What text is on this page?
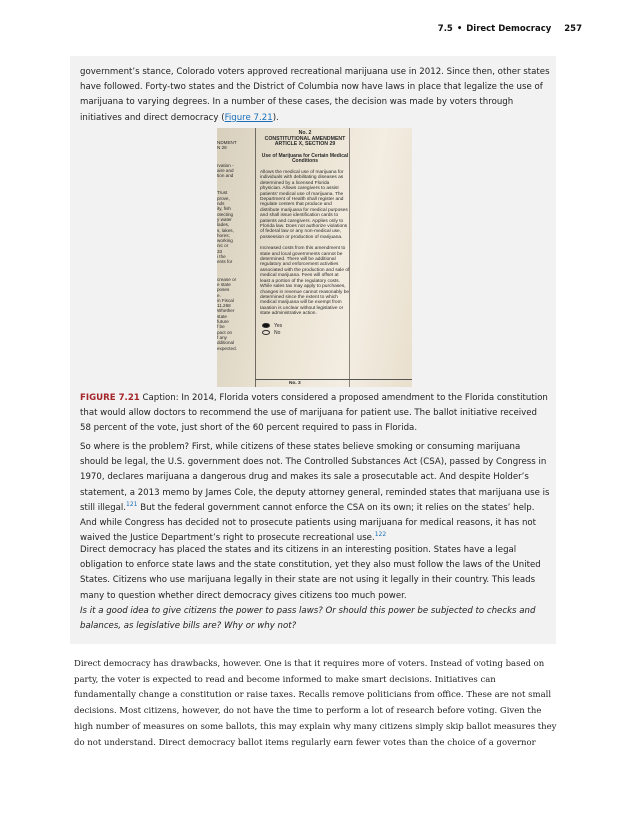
7.5 • Direct Democracy 257

government’s stance, Colorado voters approved recreational marijuana use in 2012. Since then, other states have followed. Forty-two states and the District of Columbia now have laws in place that legalize the use of marijuana to varying degrees. In a number of these cases, the decision was made by voters through initiatives and direct democracy (Figure 7.21).

NDMENT
N 28
rvation -
aire and
tion and
Trust
prove,
nds
ity, fish
otecting
y water
lades,
s, lakes,
hores;
working
nic or
33
i the
ents for
crease or
e state
poses
e.
in Fiscal
11.268
Whether
state
future
f be
pact on
f any
dditional
expected.
No. 2
CONSTITUTIONAL AMENDMENT
ARTICLE X, SECTION 29
Use of Marijuana for Certain Medical Conditions
Allows the medical use of marijuana for individuals with debilitating diseases as determined by a licensed Florida physician. Allows caregivers to assist patients' medical use of marijuana. The Department of Health shall register and regulate centers that produce and distribute marijuana for medical purposes and shall issue identification cards to patients and caregivers. Applies only to Florida law. Does not authorize violations of federal law or any non-medical use, possession or production of marijuana.
Increased costs from this amendment to state and local governments cannot be determined. There will be additional regulatory and enforcement activities associated with the production and sale of medical marijuana. Fees will offset at least a portion of the regulatory costs. While sales tax may apply to purchases, changes in revenue cannot reasonably be determined since the extent to which medical marijuana will be exempt from taxation is unclear without legislative or state administrative action.
Yes
No
No. 3

FIGURE 7.21 Caption: In 2014, Florida voters considered a proposed amendment to the Florida constitution that would allow doctors to recommend the use of marijuana for patient use. The ballot initiative received 58 percent of the vote, just short of the 60 percent required to pass in Florida.

So where is the problem? First, while citizens of these states believe smoking or consuming marijuana should be legal, the U.S. government does not. The Controlled Substances Act (CSA), passed by Congress in 1970, declares marijuana a dangerous drug and makes its sale a prosecutable act. And despite Holder’s statement, a 2013 memo by James Cole, the deputy attorney general, reminded states that marijuana use is still illegal.$^{121}$ But the federal government cannot enforce the CSA on its own; it relies on the states’ help. And while Congress has decided not to prosecute patients using marijuana for medical reasons, it has not waived the Justice Department’s right to prosecute recreational use.$^{122}$

Direct democracy has placed the states and its citizens in an interesting position. States have a legal obligation to enforce state laws and the state constitution, yet they also must follow the laws of the United States. Citizens who use marijuana legally in their state are not using it legally in their country. This leads many to question whether direct democracy gives citizens too much power.

Is it a good idea to give citizens the power to pass laws? Or should this power be subjected to checks and balances, as legislative bills are? Why or why not?

Direct democracy has drawbacks, however. One is that it requires more of voters. Instead of voting based on party, the voter is expected to read and become informed to make smart decisions. Initiatives can fundamentally change a constitution or raise taxes. Recalls remove politicians from office. These are not small decisions. Most citizens, however, do not have the time to perform a lot of research before voting. Given the high number of measures on some ballots, this may explain why many citizens simply skip ballot measures they do not understand. Direct democracy ballot items regularly earn fewer votes than the choice of a governor
